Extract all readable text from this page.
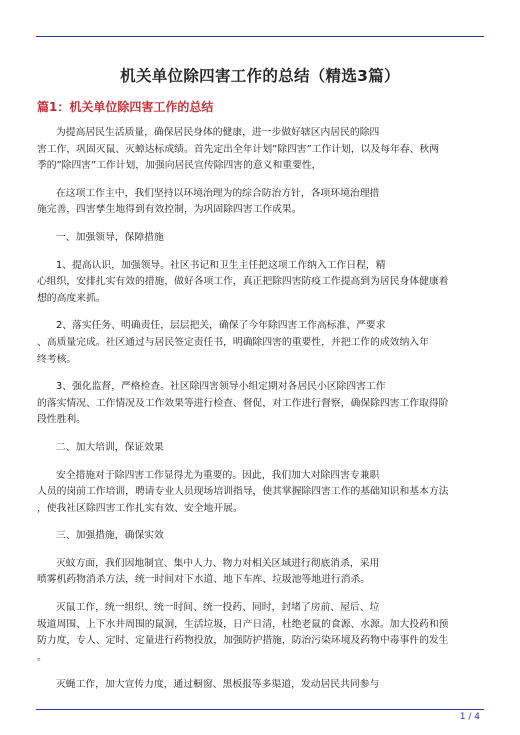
机关单位除四害工作的总结（精选3篇）
篇1：机关单位除四害工作的总结

为提高居民生活质量，确保居民身体的健康，进一步做好辖区内居民的除四
害工作，巩固灭鼠、灭蟑达标成绩。首先定出全年计划”除四害”工作计划，以及每年春、秋两
季的”除四害”工作计划，加强向居民宣传除四害的意义和重要性，

在这项工作主中，我们坚持以环境治理为的综合防治方针，各项环境治理措
施完善，四害孳生地得到有效控制，为巩固除四害工作成果。

一、加强领导，保障措施

1、提高认识，加强领导。社区书记和卫生主任把这项工作纳入工作日程，精
心组织，安排扎实有效的措施，做好各项工作，真正把除四害防疫工作提高到为居民身体健康着
想的高度来抓。

2、落实任务、明确责任，层层把关，确保了今年除四害工作高标准、严要求
、高质量完成。社区通过与居民签定责任书，明确除四害的重要性，并把工作的成效纳入年
终考核。

3、强化监督，严格检查。社区除四害领导小组定期对各居民小区除四害工作
的落实情况、工作情况及工作效果等进行检查、督促，对工作进行督察，确保除四害工作取得阶
段性胜利。

二、加大培训，保证效果

安全措施对于除四害工作显得尤为重要的。因此，我们加大对除四害专兼职
人员的岗前工作培训，聘请专业人员现场培训指导，使其掌握除四害工作的基础知识和基本方法
，使我社区除四害工作扎实有效、安全地开展。

三、加强措施，确保实效

灭蚊方面，我们因地制宜、集中人力、物力对相关区域进行彻底消杀，采用
喷雾机药物消杀方法，统一时间对下水道、地下车库、垃圾池等地进行消杀。

灭鼠工作，统一组织、统一时间、统一投药、同时，封堵了房前、屋后、垃
圾道周围、上下水井周围的鼠洞，生活垃圾，日产日清，杜绝老鼠的食源、水源。加大投药和预
防力度，专人、定时、定量进行药物投放，加强防护措施，防治污染环境及药物中毒事件的发生
。

灭蝇工作，加大宣传力度，通过橱窗、黑板报等多渠道，发动居民共同参与

1 / 4
